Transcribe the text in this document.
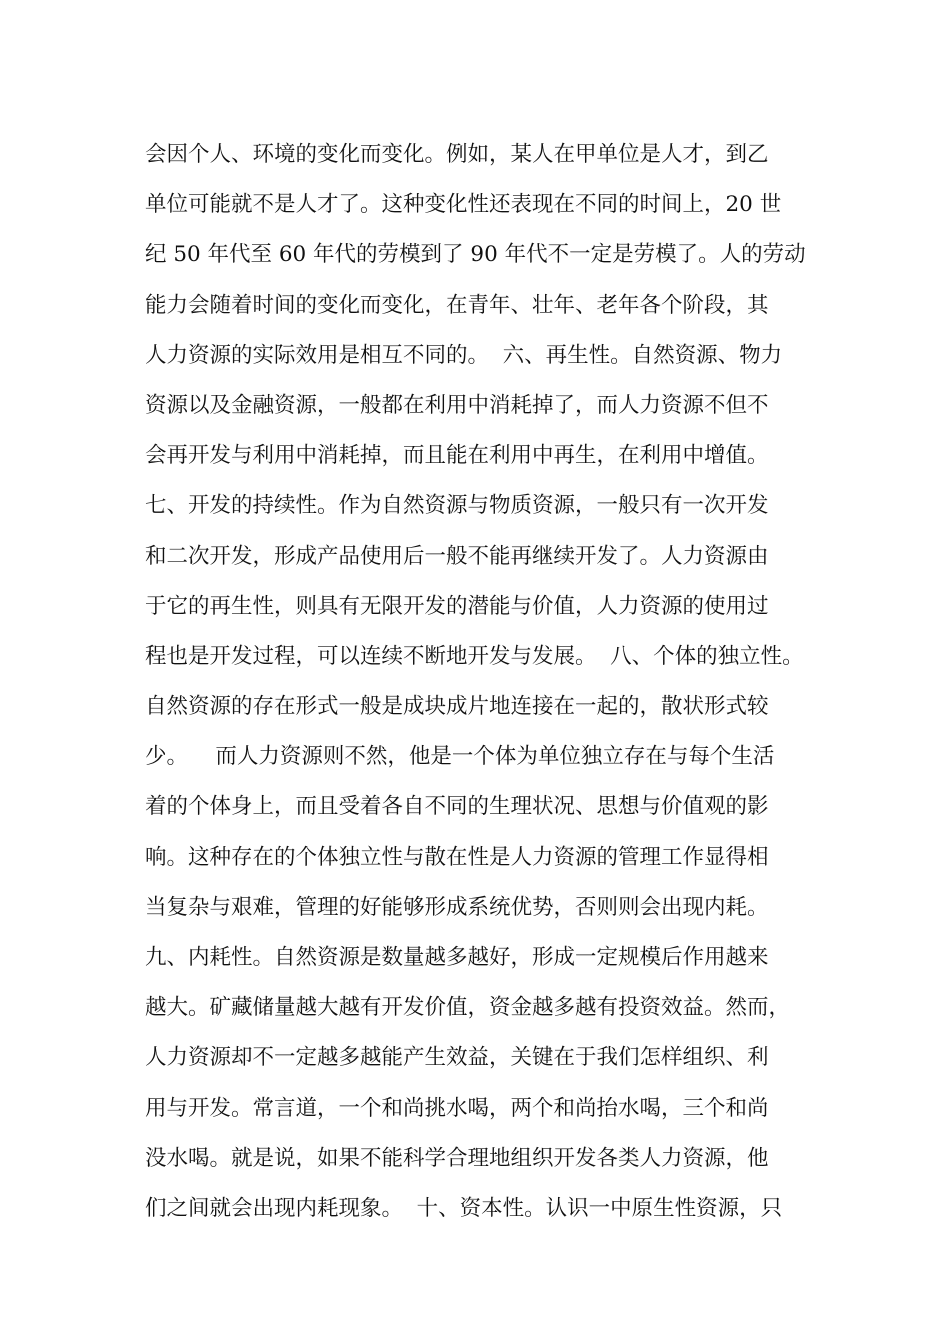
会因个人、环境的变化而变化。例如，某人在甲单位是人才，到乙
单位可能就不是人才了。这种变化性还表现在不同的时间上，20 世
纪 50 年代至 60 年代的劳模到了 90 年代不一定是劳模了。人的劳动
能力会随着时间的变化而变化，在青年、壮年、老年各个阶段，其
人力资源的实际效用是相互不同的。  六、再生性。自然资源、物力
资源以及金融资源，一般都在利用中消耗掉了，而人力资源不但不
会再开发与利用中消耗掉，而且能在利用中再生，在利用中增值。
七、开发的持续性。作为自然资源与物质资源，一般只有一次开发
和二次开发，形成产品使用后一般不能再继续开发了。人力资源由
于它的再生性，则具有无限开发的潜能与价值，人力资源的使用过
程也是开发过程，可以连续不断地开发与发展。  八、个体的独立性。
自然资源的存在形式一般是成块成片地连接在一起的，散状形式较
少。    而人力资源则不然，他是一个体为单位独立存在与每个生活
着的个体身上，而且受着各自不同的生理状况、思想与价值观的影
响。这种存在的个体独立性与散在性是人力资源的管理工作显得相
当复杂与艰难，管理的好能够形成系统优势，否则则会出现内耗。
九、内耗性。自然资源是数量越多越好，形成一定规模后作用越来
越大。矿藏储量越大越有开发价值，资金越多越有投资效益。然而，
人力资源却不一定越多越能产生效益，关键在于我们怎样组织、利
用与开发。常言道，一个和尚挑水喝，两个和尚抬水喝，三个和尚
没水喝。就是说，如果不能科学合理地组织开发各类人力资源，他
们之间就会出现内耗现象。  十、资本性。认识一中原生性资源，只
